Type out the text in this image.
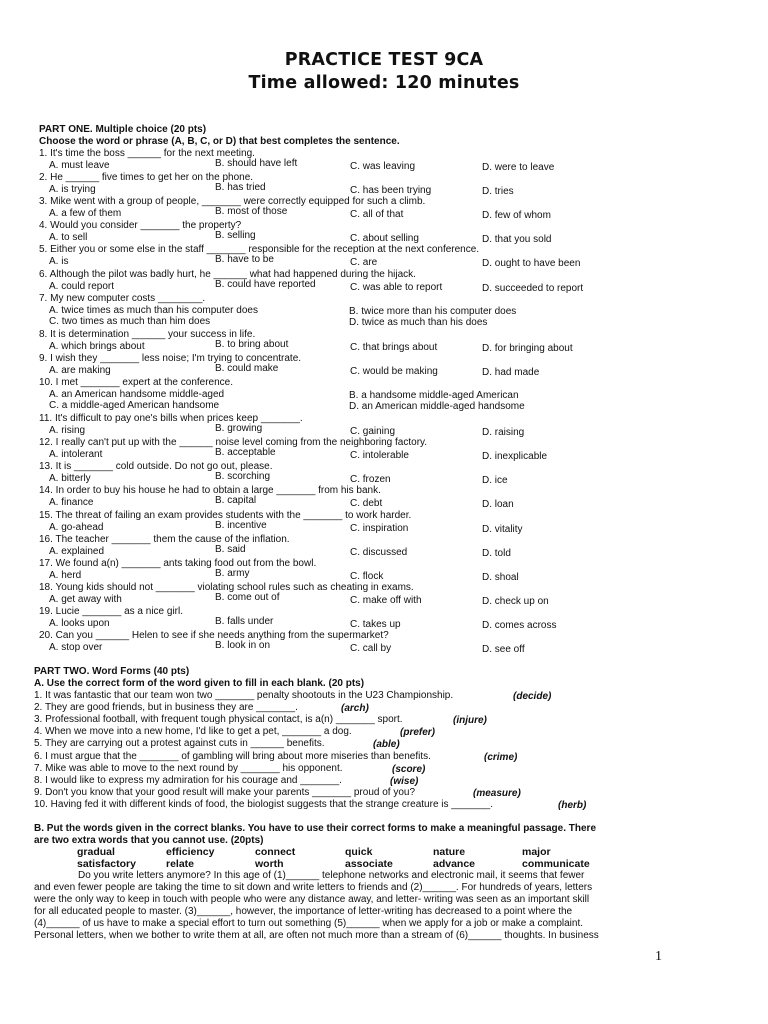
PRACTICE TEST 9CA
Time allowed: 120 minutes
PART ONE. Multiple choice (20 pts)
Choose the word or phrase (A, B, C, or D) that best completes the sentence.
1. It's time the boss ______ for the next meeting.
A. must leave	B. should have left	C. was leaving	D. were to leave
2. He ______ five times to get her on the phone.
A. is trying	B. has tried	C. has been trying	D. tries
3. Mike went with a group of people, _______ were correctly equipped for such a climb.
A. a few of them	B. most of those	C. all of that	D. few of whom
4. Would you consider _______ the property?
A. to sell	B. selling	C. about selling	D. that you sold
5. Either you or some else in the staff _______ responsible for the reception at the next conference.
A. is	B. have to be	C. are	D. ought to have been
6. Although the pilot was badly hurt, he ______ what had happened during the hijack.
A. could report	B. could have reported	C. was able to report	D. succeeded to report
7. My new computer costs ________.
A. twice times as much than his computer does	B. twice more than his computer does
C. two times as much than him does	D. twice as much than his does
8. It is determination ______ your success in life.
A. which brings about	B. to bring about	C. that brings about	D. for bringing about
9. I wish they _______ less noise; I'm trying to concentrate.
A. are making	B. could make	C. would be making	D. had made
10. I met _______ expert at the conference.
A. an American handsome middle-aged	B. a handsome middle-aged American
C. a middle-aged American handsome	D. an American middle-aged handsome
11. It's difficult to pay one's bills when prices keep _______.
A. rising	B. growing	C. gaining	D. raising
12. I really can't put up with the ______ noise level coming from the neighboring factory.
A. intolerant	B. acceptable	C. intolerable	D. inexplicable
13. It is _______ cold outside. Do not go out, please.
A. bitterly	B. scorching	C. frozen	D. ice
14. In order to buy his house he had to obtain a large _______ from his bank.
A. finance	B. capital	C. debt	D. loan
15. The threat of failing an exam provides students with the _______ to work harder.
A. go-ahead	B. incentive	C. inspiration	D. vitality
16. The teacher _______ them the cause of the inflation.
A. explained	B. said	C. discussed	D. told
17. We found a(n) _______ ants taking food out from the bowl.
A. herd	B. army	C. flock	D. shoal
18. Young kids should not _______ violating school rules such as cheating in exams.
A. get away with	B. come out of	C. make off with	D. check up on
19. Lucie _______ as a nice girl.
A. looks upon	B. falls under	C. takes up	D. comes across
20. Can you ______ Helen to see if she needs anything from the supermarket?
A. stop over	B. look in on	C. call by	D. see off
PART TWO. Word Forms (40 pts)
A. Use the correct form of the word given to fill in each blank. (20 pts)
1. It was fantastic that our team won two _______ penalty shootouts in the U23 Championship.	(decide)
2. They are good friends, but in business they are _______.	(arch)
3. Professional football, with frequent tough physical contact, is a(n) _______ sport.	(injure)
4. When we move into a new home, I'd like to get a pet, _______ a dog.	(prefer)
5. They are carrying out a protest against cuts in ______ benefits.	(able)
6. I must argue that the _______ of gambling will bring about more miseries than benefits.	(crime)
7. Mike was able to move to the next round by _______ his opponent.	(score)
8. I would like to express my admiration for his courage and _______.	(wise)
9. Don't you know that your good result will make your parents _______ proud of you?	(measure)
10. Having fed it with different kinds of food, the biologist suggests that the strange creature is _______.	(herb)
B. Put the words given in the correct blanks. You have to use their correct forms to make a meaningful passage. There
are two extra words that you cannot use. (20pts)
gradual	efficiency	connect	quick	nature	major
satisfactory	relate	worth	associate	advance	communicate
Do you write letters anymore? In this age of (1)______ telephone networks and electronic mail, it seems that fewer
and even fewer people are taking the time to sit down and write letters to friends and (2)______. For hundreds of years, letters
were the only way to keep in touch with people who were any distance away, and letter- writing was seen as an important skill
for all educated people to master. (3)______, however, the importance of letter-writing has decreased to a point where the
(4)______ of us have to make a special effort to turn out something (5)______ when we apply for a job or make a complaint.
Personal letters, when we bother to write them at all, are often not much more than a stream of (6)______ thoughts. In business
1
